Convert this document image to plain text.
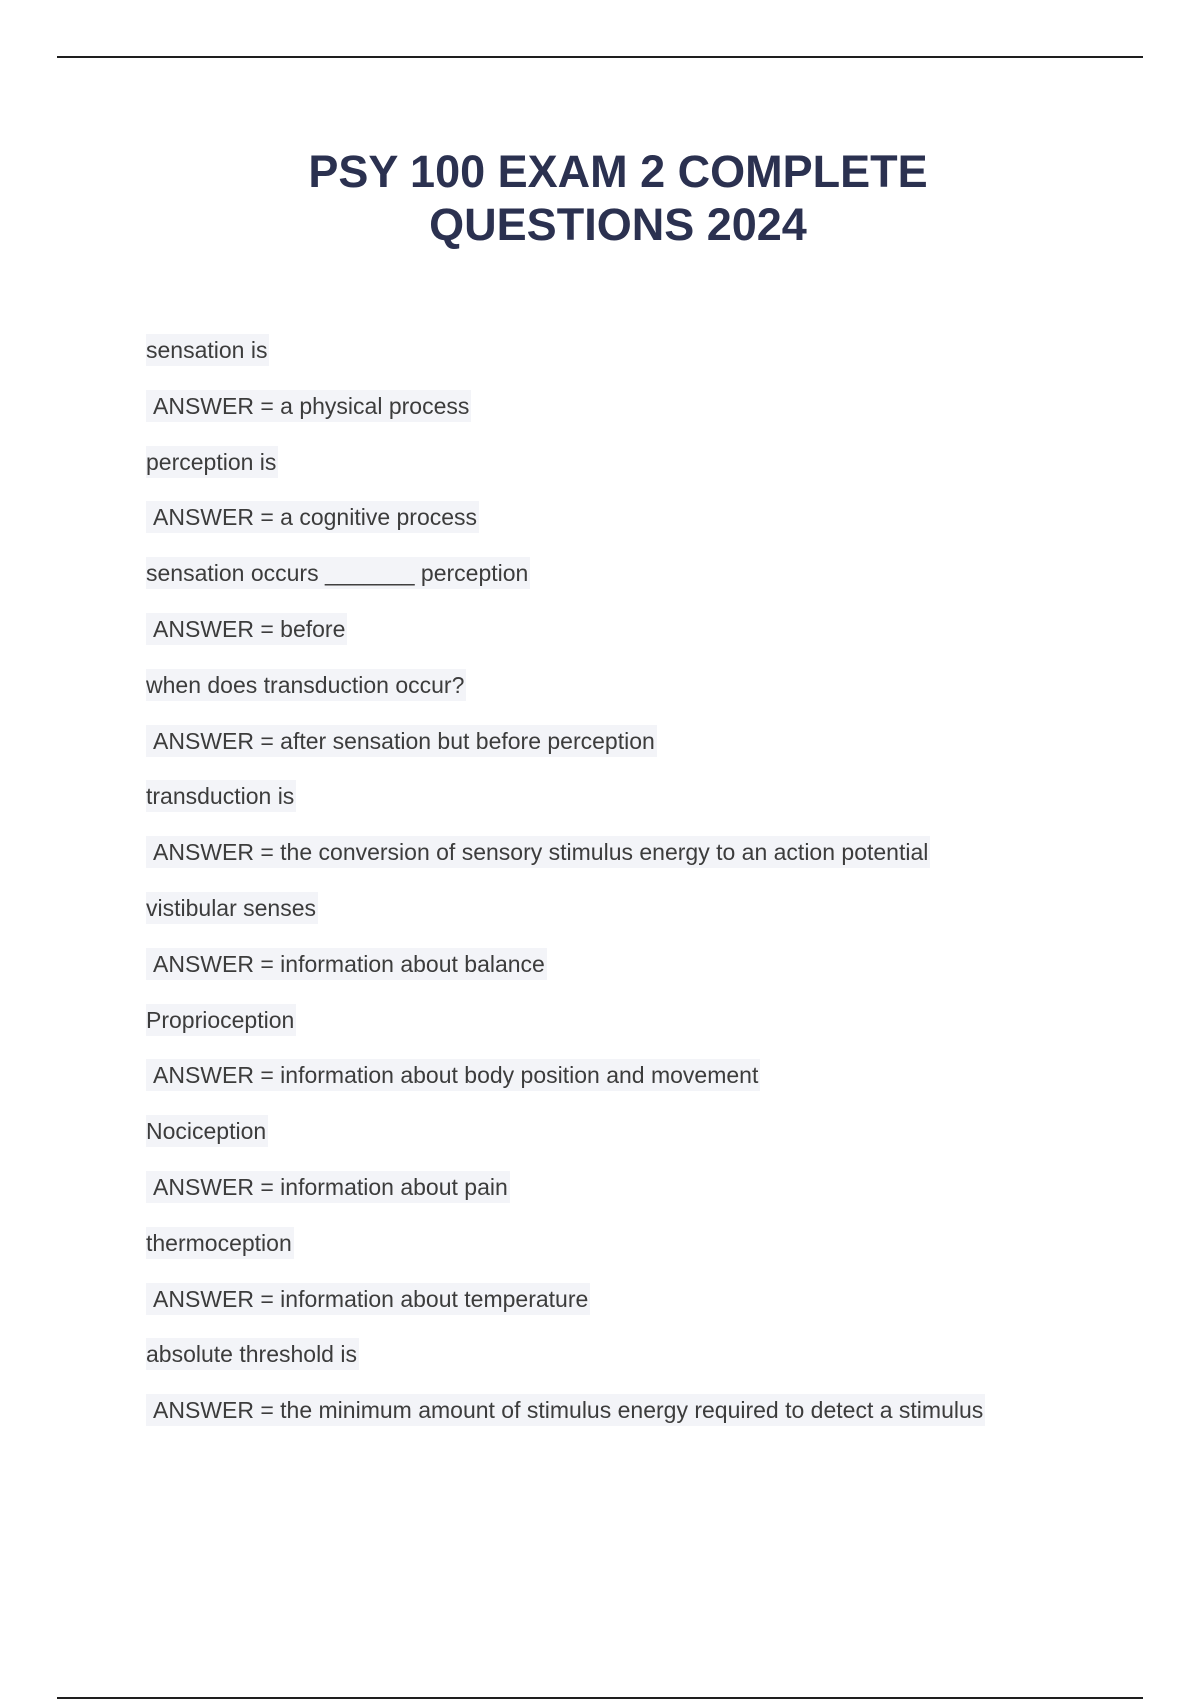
PSY 100 EXAM 2 COMPLETE
QUESTIONS 2024
sensation is
ANSWER = a physical process
perception is
ANSWER = a cognitive process
sensation occurs _______ perception
ANSWER = before
when does transduction occur?
ANSWER = after sensation but before perception
transduction is
ANSWER = the conversion of sensory stimulus energy to an action potential
vistibular senses
ANSWER = information about balance
Proprioception
ANSWER = information about body position and movement
Nociception
ANSWER = information about pain
thermoception
ANSWER = information about temperature
absolute threshold is
ANSWER = the minimum amount of stimulus energy required to detect a stimulus
